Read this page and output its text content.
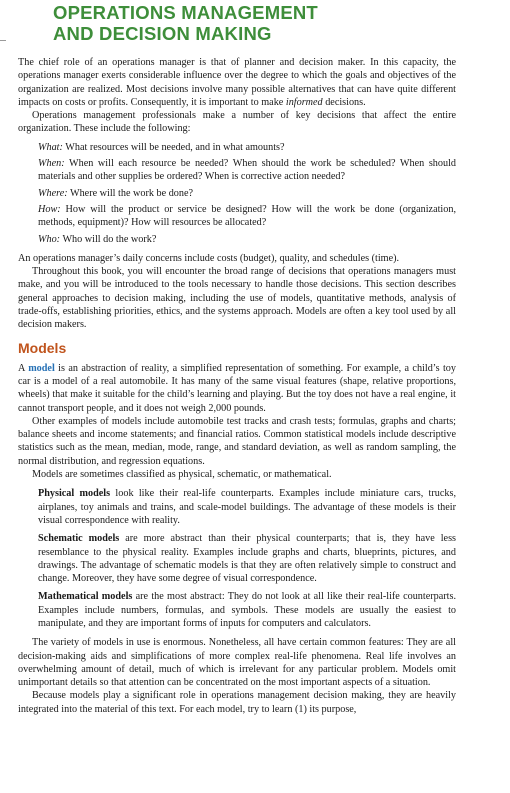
OPERATIONS MANAGEMENT
AND DECISION MAKING

The chief role of an operations manager is that of planner and decision maker. In this capacity, the operations manager exerts considerable influence over the degree to which the goals and objectives of the organization are realized. Most decisions involve many possible alternatives that can have quite different impacts on costs or profits. Consequently, it is important to make informed decisions.

Operations management professionals make a number of key decisions that affect the entire organization. These include the following:

What: What resources will be needed, and in what amounts?

When: When will each resource be needed? When should the work be scheduled? When should materials and other supplies be ordered? When is corrective action needed?

Where: Where will the work be done?

How: How will the product or service be designed? How will the work be done (organization, methods, equipment)? How will resources be allocated?

Who: Who will do the work?

An operations manager’s daily concerns include costs (budget), quality, and schedules (time).

Throughout this book, you will encounter the broad range of decisions that operations managers must make, and you will be introduced to the tools necessary to handle those decisions. This section describes general approaches to decision making, including the use of models, quantitative methods, analysis of trade-offs, establishing priorities, ethics, and the systems approach. Models are often a key tool used by all decision makers.

Models

A model is an abstraction of reality, a simplified representation of something. For example, a child’s toy car is a model of a real automobile. It has many of the same visual features (shape, relative proportions, wheels) that make it suitable for the child’s learning and playing. But the toy does not have a real engine, it cannot transport people, and it does not weigh 2,000 pounds.

Other examples of models include automobile test tracks and crash tests; formulas, graphs and charts; balance sheets and income statements; and financial ratios. Common statistical models include descriptive statistics such as the mean, median, mode, range, and standard deviation, as well as random sampling, the normal distribution, and regression equations.

Models are sometimes classified as physical, schematic, or mathematical.

Physical models look like their real-life counterparts. Examples include miniature cars, trucks, airplanes, toy animals and trains, and scale-model buildings. The advantage of these models is their visual correspondence with reality.

Schematic models are more abstract than their physical counterparts; that is, they have less resemblance to the physical reality. Examples include graphs and charts, blueprints, pictures, and drawings. The advantage of schematic models is that they are often relatively simple to construct and change. Moreover, they have some degree of visual correspondence.

Mathematical models are the most abstract: They do not look at all like their real-life counterparts. Examples include numbers, formulas, and symbols. These models are usually the easiest to manipulate, and they are important forms of inputs for computers and calculators.

The variety of models in use is enormous. Nonetheless, all have certain common features: They are all decision-making aids and simplifications of more complex real-life phenomena. Real life involves an overwhelming amount of detail, much of which is irrelevant for any particular problem. Models omit unimportant details so that attention can be concentrated on the most important aspects of a situation.

Because models play a significant role in operations management decision making, they are heavily integrated into the material of this text. For each model, try to learn (1) its purpose,
